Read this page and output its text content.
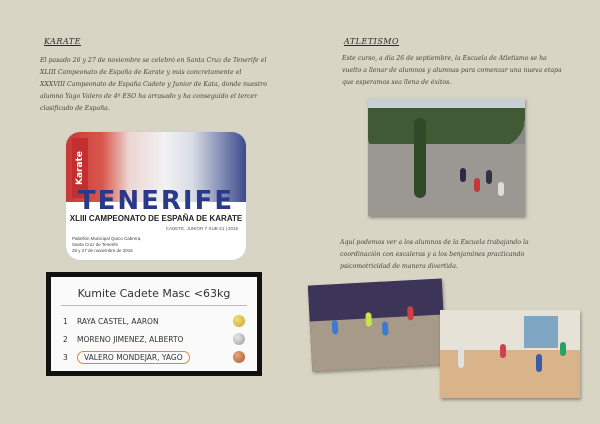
KARATE
El pasado 26 y 27 de noviembre se celebró en Santa Cruz de Tenerife el XLIII Campeonato de España de Karate y más concretamente el XXXVIII Campeonato de España Cadete y Junior de Kata, donde nuestro alumno Yago Valero de 4º ESO ha arrasado y ha conseguido el tercer clasificado de España.
Karate
TENERIFE
XLIII CAMPEONATO DE ESPAÑA DE KARATE
CADETE, JUNIOR Y SUB-21 | 2016
Pabellón Municipal Quico Cabrera,
Santa Cruz de Tenerife
26 y 27 de noviembre de 2016
Kumite Cadete Masc <63kg
1	RAYA CASTEL, AARON
2	MORENO JIMENEZ, ALBERTO
3	VALERO MONDEJAR, YAGO
ATLETISMO
Este curso, a día 26 de septiembre, la Escuela de Atletismo se ha vuelto a llenar de alumnos y alumnas para comenzar una nueva etapa que esperamos sea llena de éxitos.
Aquí podemos ver a los alumnos de la Escuela trabajando la coordinación con escaleras y a los benjamines practicando psicomotricidad de manera divertida.
